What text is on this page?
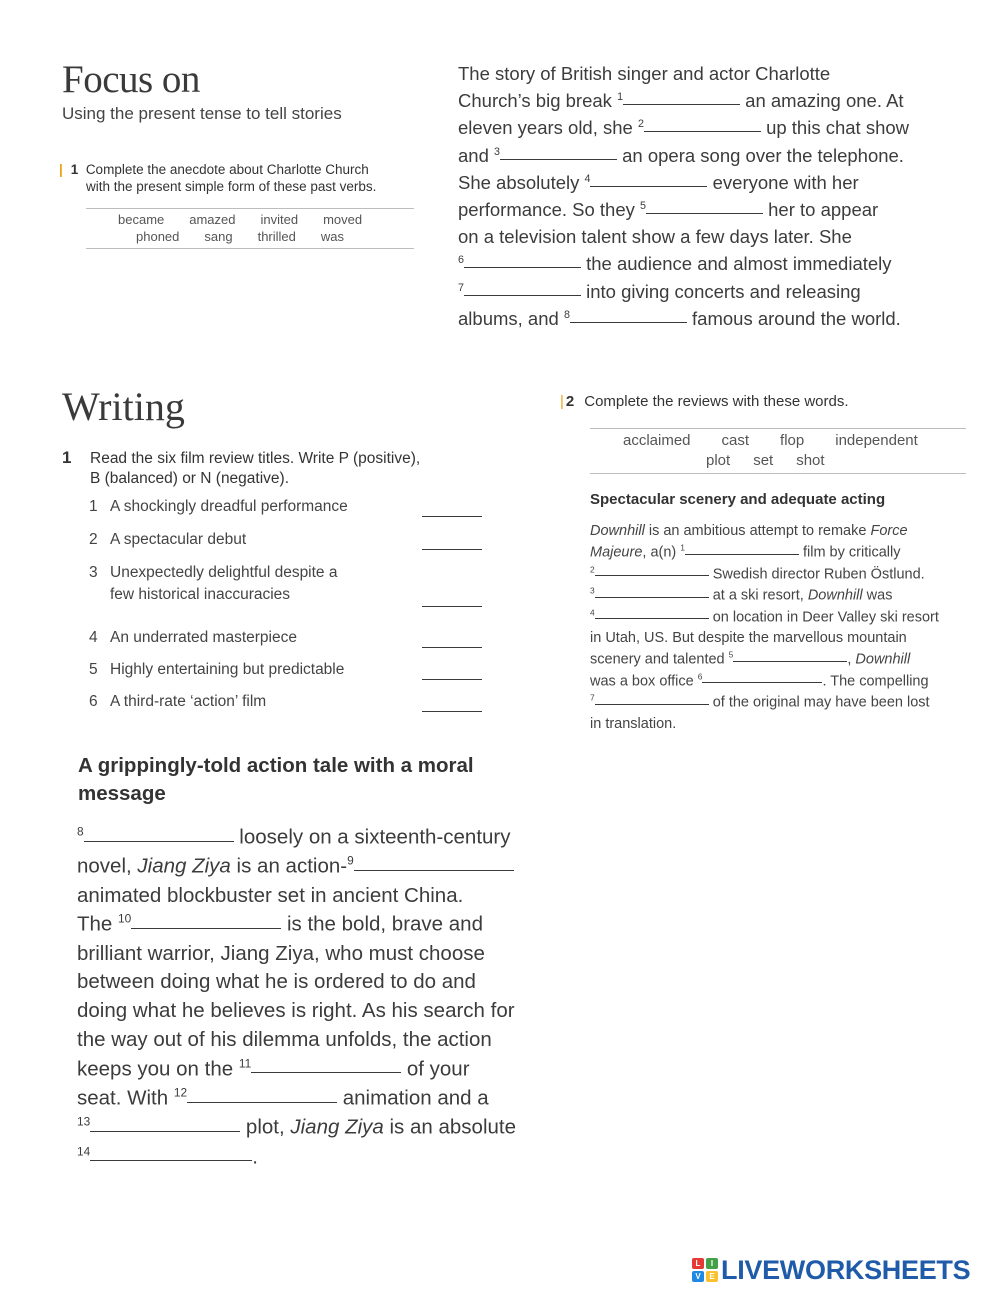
Focus on
Using the present tense to tell stories
| 1 Complete the anecdote about Charlotte Church
with the present simple form of these past verbs.
became amazed invited moved
phoned sang thrilled was

The story of British singer and actor Charlotte

Church’s big break $^1$	an amazing one. At

eleven years old, she $^2$	up this chat show

and $^3$	an opera song over the telephone.

She absolutely $^4$	everyone with her

performance. So they $^5$	her to appear

on a television talent show a few days later. She

$^6$	the audience and almost immediately

$^7$	into giving concerts and releasing

albums, and $^8$	famous around the world.

Writing
1 Read the six film review titles. Write P (positive),
B (balanced) or N (negative).
1 A shockingly dreadful performance
2 A spectacular debut
3 Unexpectedly delightful despite a
few historical inaccuracies
4 An underrated masterpiece
5 Highly entertaining but predictable
6 A third-rate ‘action’ film
A grippingly-told action tale with a moral
message

$^8$	loosely on a sixteenth-century

novel, Jiang Ziya is an action-$^9$

animated blockbuster set in ancient China.

The $^{10}$	is the bold, brave and

brilliant warrior, Jiang Ziya, who must choose

between doing what he is ordered to do and

doing what he believes is right. As his search for

the way out of his dilemma unfolds, the action

keeps you on the $^{11}$	of your

seat. With $^{12}$	animation and a

$^{13}$	plot, Jiang Ziya is an absolute

$^{14}$	.

| 2 Complete the reviews with these words.
acclaimed cast flop independent
plot set shot
Spectacular scenery and adequate acting

Downhill is an ambitious attempt to remake Force

Majeure, a(n) $^1$	film by critically

$^2$	Swedish director Ruben Östlund.

$^3$	at a ski resort, Downhill was

$^4$	on location in Deer Valley ski resort

in Utah, US. But despite the marvellous mountain

scenery and talented $^5$	, Downhill

was a box office $^6$	. The compelling

$^7$	of the original may have been lost

in translation.

L	I
V	E LIVEWORKSHEETS
